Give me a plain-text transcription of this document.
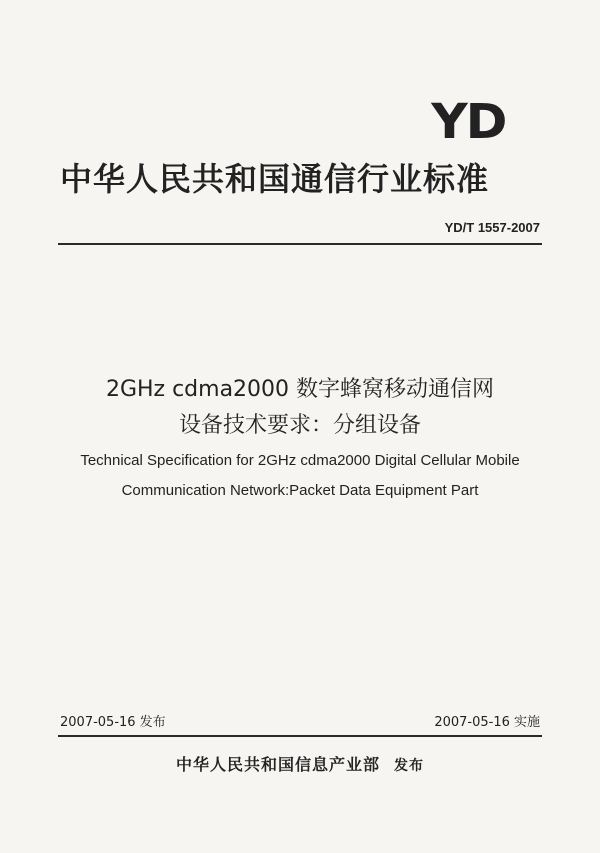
YD
中华人民共和国通信行业标准
YD/T 1557-2007
2GHz cdma2000 数字蜂窝移动通信网
设备技术要求：分组设备
Technical Specification for 2GHz cdma2000 Digital Cellular Mobile
Communication Network:Packet Data Equipment Part
2007-05-16 发布	2007-05-16 实施
中华人民共和国信息产业部 发布
